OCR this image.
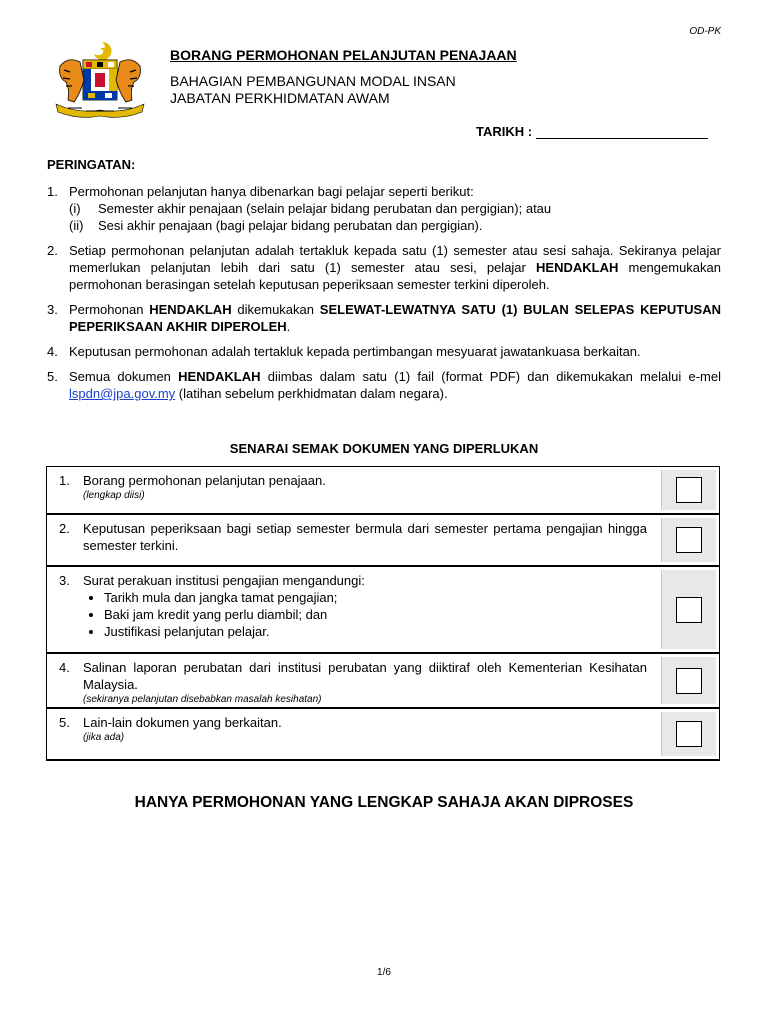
OD-PK
BORANG PERMOHONAN PELANJUTAN PENAJAAN
BAHAGIAN PEMBANGUNAN MODAL INSAN
JABATAN PERKHIDMATAN AWAM
TARIKH :
PERINGATAN:
1. Permohonan pelanjutan hanya dibenarkan bagi pelajar seperti berikut:
(i)	Semester akhir penajaan (selain pelajar bidang perubatan dan pergigian); atau
(ii)	Sesi akhir penajaan (bagi pelajar bidang perubatan dan pergigian).
2. Setiap permohonan pelanjutan adalah tertakluk kepada satu (1) semester atau sesi sahaja. Sekiranya pelajar memerlukan pelanjutan lebih dari satu (1) semester atau sesi, pelajar HENDAKLAH mengemukakan permohonan berasingan setelah keputusan peperiksaan semester terkini diperoleh.
3. Permohonan HENDAKLAH dikemukakan SELEWAT-LEWATNYA SATU (1) BULAN SELEPAS KEPUTUSAN PEPERIKSAAN AKHIR DIPEROLEH.
4. Keputusan permohonan adalah tertakluk kepada pertimbangan mesyuarat jawatankuasa berkaitan.
5. Semua dokumen HENDAKLAH diimbas dalam satu (1) fail (format PDF) dan dikemukakan melalui e-mel lspdn@jpa.gov.my (latihan sebelum perkhidmatan dalam negara).
SENARAI SEMAK DOKUMEN YANG DIPERLUKAN
1. Borang permohonan pelanjutan penajaan.
(lengkap diisi)
2.	Keputusan peperiksaan bagi setiap semester bermula dari semester pertama pengajian hingga semester terkini.
3. Surat perakuan institusi pengajian mengandungi:
• Tarikh mula dan jangka tamat pengajian;
• Baki jam kredit yang perlu diambil; dan
• Justifikasi pelanjutan pelajar.
4.	Salinan laporan perubatan dari institusi perubatan yang diiktiraf oleh Kementerian Kesihatan Malaysia.
(sekiranya pelanjutan disebabkan masalah kesihatan)
5. Lain-lain dokumen yang berkaitan.
(jika ada)
HANYA PERMOHONAN YANG LENGKAP SAHAJA AKAN DIPROSES
1/6
